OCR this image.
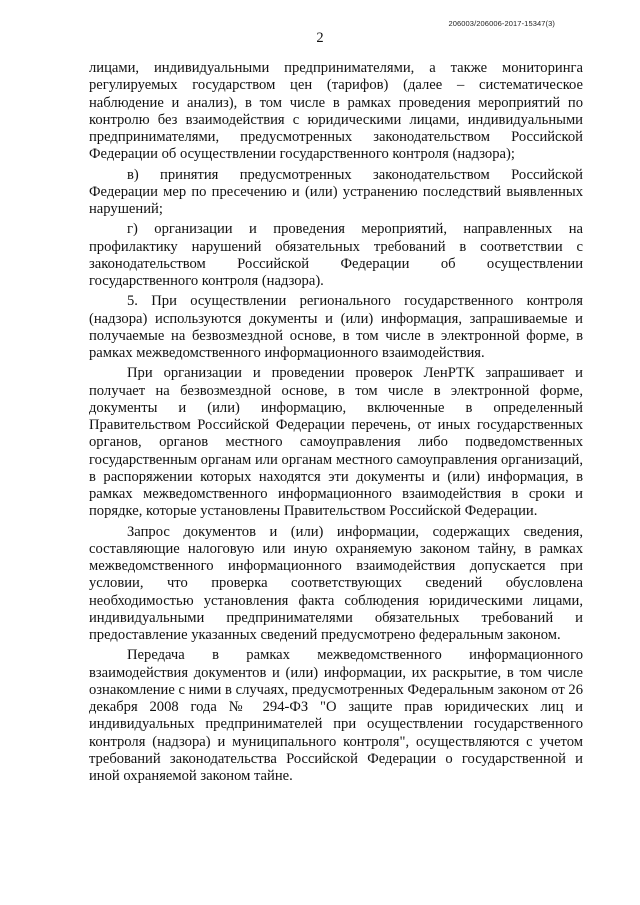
206003/206006-2017-15347(3)
2

лицами, индивидуальными предпринимателями, а также мониторинга регулируемых государством цен (тарифов) (далее – систематическое наблюдение и анализ), в том числе в рамках проведения мероприятий по контролю без взаимодействия с юридическими лицами, индивидуальными предпринимателями, предусмотренных законодательством Российской Федерации об осуществлении государственного контроля (надзора);

в) принятия предусмотренных законодательством Российской Федерации мер по пресечению и (или) устранению последствий выявленных нарушений;

г) организации и проведения мероприятий, направленных на профилактику нарушений обязательных требований в соответствии с законодательством Российской Федерации об осуществлении государственного контроля (надзора).

5. При осуществлении регионального государственного контроля (надзора) используются документы и (или) информация, запрашиваемые и получаемые на безвозмездной основе, в том числе в электронной форме, в рамках межведомственного информационного взаимодействия.

При организации и проведении проверок ЛенРТК запрашивает и получает на безвозмездной основе, в том числе в электронной форме, документы и (или) информацию, включенные в определенный Правительством Российской Федерации перечень, от иных государственных органов, органов местного самоуправления либо подведомственных государственным органам или органам местного самоуправления организаций, в распоряжении которых находятся эти документы и (или) информация, в рамках межведомственного информационного взаимодействия в сроки и порядке, которые установлены Правительством Российской Федерации.

Запрос документов и (или) информации, содержащих сведения, составляющие налоговую или иную охраняемую законом тайну, в рамках межведомственного информационного взаимодействия допускается при условии, что проверка соответствующих сведений обусловлена необходимостью установления факта соблюдения юридическими лицами, индивидуальными предпринимателями обязательных требований и предоставление указанных сведений предусмотрено федеральным законом.

Передача в рамках межведомственного информационного взаимодействия документов и (или) информации, их раскрытие, в том числе ознакомление с ними в случаях, предусмотренных Федеральным законом от 26 декабря 2008 года № 294-ФЗ "О защите прав юридических лиц и индивидуальных предпринимателей при осуществлении государственного контроля (надзора) и муниципального контроля", осуществляются с учетом требований законодательства Российской Федерации о государственной и иной охраняемой законом тайне.
